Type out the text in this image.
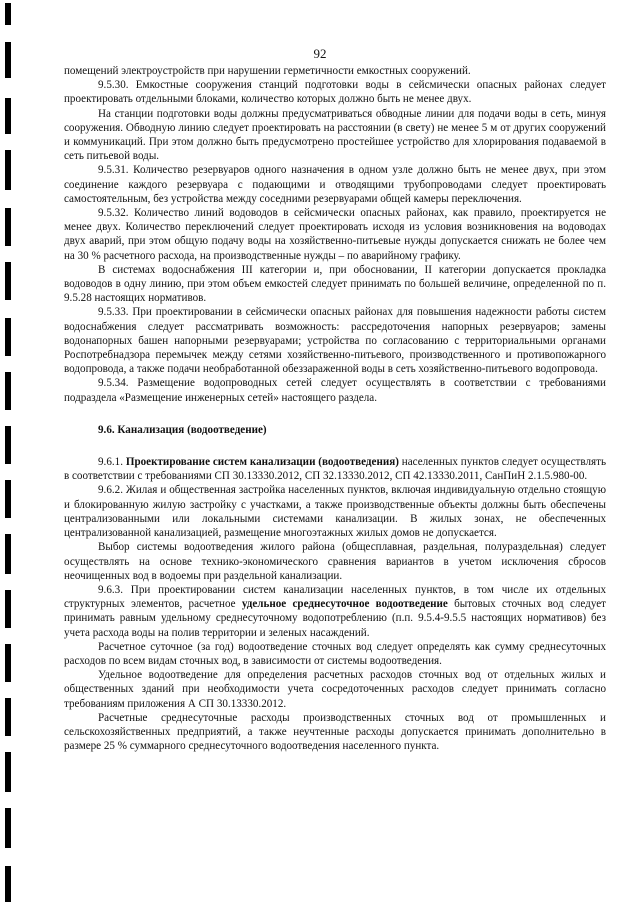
92

помещений электроустройств при нарушении герметичности емкостных сооружений.

9.5.30. Емкостные сооружения станций подготовки воды в сейсмически опасных районах следует проектировать отдельными блоками, количество которых должно быть не менее двух.

На станции подготовки воды должны предусматриваться обводные линии для подачи воды в сеть, минуя сооружения. Обводную линию следует проектировать на расстоянии (в свету) не менее 5 м от других сооружений и коммуникаций. При этом должно быть предусмотрено простейшее устройство для хлорирования подаваемой в сеть питьевой воды.

9.5.31. Количество резервуаров одного назначения в одном узле должно быть не менее двух, при этом соединение каждого резервуара с подающими и отводящими трубопроводами следует проектировать самостоятельным, без устройства между соседними резервуарами общей камеры переключения.

9.5.32. Количество линий водоводов в сейсмически опасных районах, как правило, проектируется не менее двух. Количество переключений следует проектировать исходя из условия возникновения на водоводах двух аварий, при этом общую подачу воды на хозяйственно-питьевые нужды допускается снижать не более чем на 30 % расчетного расхода, на производственные нужды – по аварийному графику.

В системах водоснабжения III категории и, при обосновании, II категории допускается прокладка водоводов в одну линию, при этом объем емкостей следует принимать по большей величине, определенной по п. 9.5.28 настоящих нормативов.

9.5.33. При проектировании в сейсмически опасных районах для повышения надежности работы систем водоснабжения следует рассматривать возможность: рассредоточения напорных резервуаров; замены водонапорных башен напорными резервуарами; устройства по согласованию с территориальными органами Роспотребнадзора перемычек между сетями хозяйственно-питьевого, производственного и противопожарного водопровода, а также подачи необработанной обеззараженной воды в сеть хозяйственно-питьевого водопровода.

9.5.34. Размещение водопроводных сетей следует осуществлять в соответствии с требованиями подраздела «Размещение инженерных сетей» настоящего раздела.

9.6. Канализация (водоотведение)

9.6.1. Проектирование систем канализации (водоотведения) населенных пунктов следует осуществлять в соответствии с требованиями СП 30.13330.2012, СП 32.13330.2012, СП 42.13330.2011, СанПиН 2.1.5.980-00.

9.6.2. Жилая и общественная застройка населенных пунктов, включая индивидуальную отдельно стоящую и блокированную жилую застройку с участками, а также производственные объекты должны быть обеспечены централизованными или локальными системами канализации. В жилых зонах, не обеспеченных централизованной канализацией, размещение многоэтажных жилых домов не допускается.

Выбор системы водоотведения жилого района (общесплавная, раздельная, полураздельная) следует осуществлять на основе технико-экономического сравнения вариантов в учетом исключения сбросов неочищенных вод в водоемы при раздельной канализации.

9.6.3. При проектировании систем канализации населенных пунктов, в том числе их отдельных структурных элементов, расчетное удельное среднесуточное водоотведение бытовых сточных вод следует принимать равным удельному среднесуточному водопотреблению (п.п. 9.5.4-9.5.5 настоящих нормативов) без учета расхода воды на полив территории и зеленых насаждений.

Расчетное суточное (за год) водоотведение сточных вод следует определять как сумму среднесуточных расходов по всем видам сточных вод, в зависимости от системы водоотведения.

Удельное водоотведение для определения расчетных расходов сточных вод от отдельных жилых и общественных зданий при необходимости учета сосредоточенных расходов следует принимать согласно требованиям приложения А СП 30.13330.2012.

Расчетные среднесуточные расходы производственных сточных вод от промышленных и сельскохозяйственных предприятий, а также неучтенные расходы допускается принимать дополнительно в размере 25 % суммарного среднесуточного водоотведения населенного пункта.
